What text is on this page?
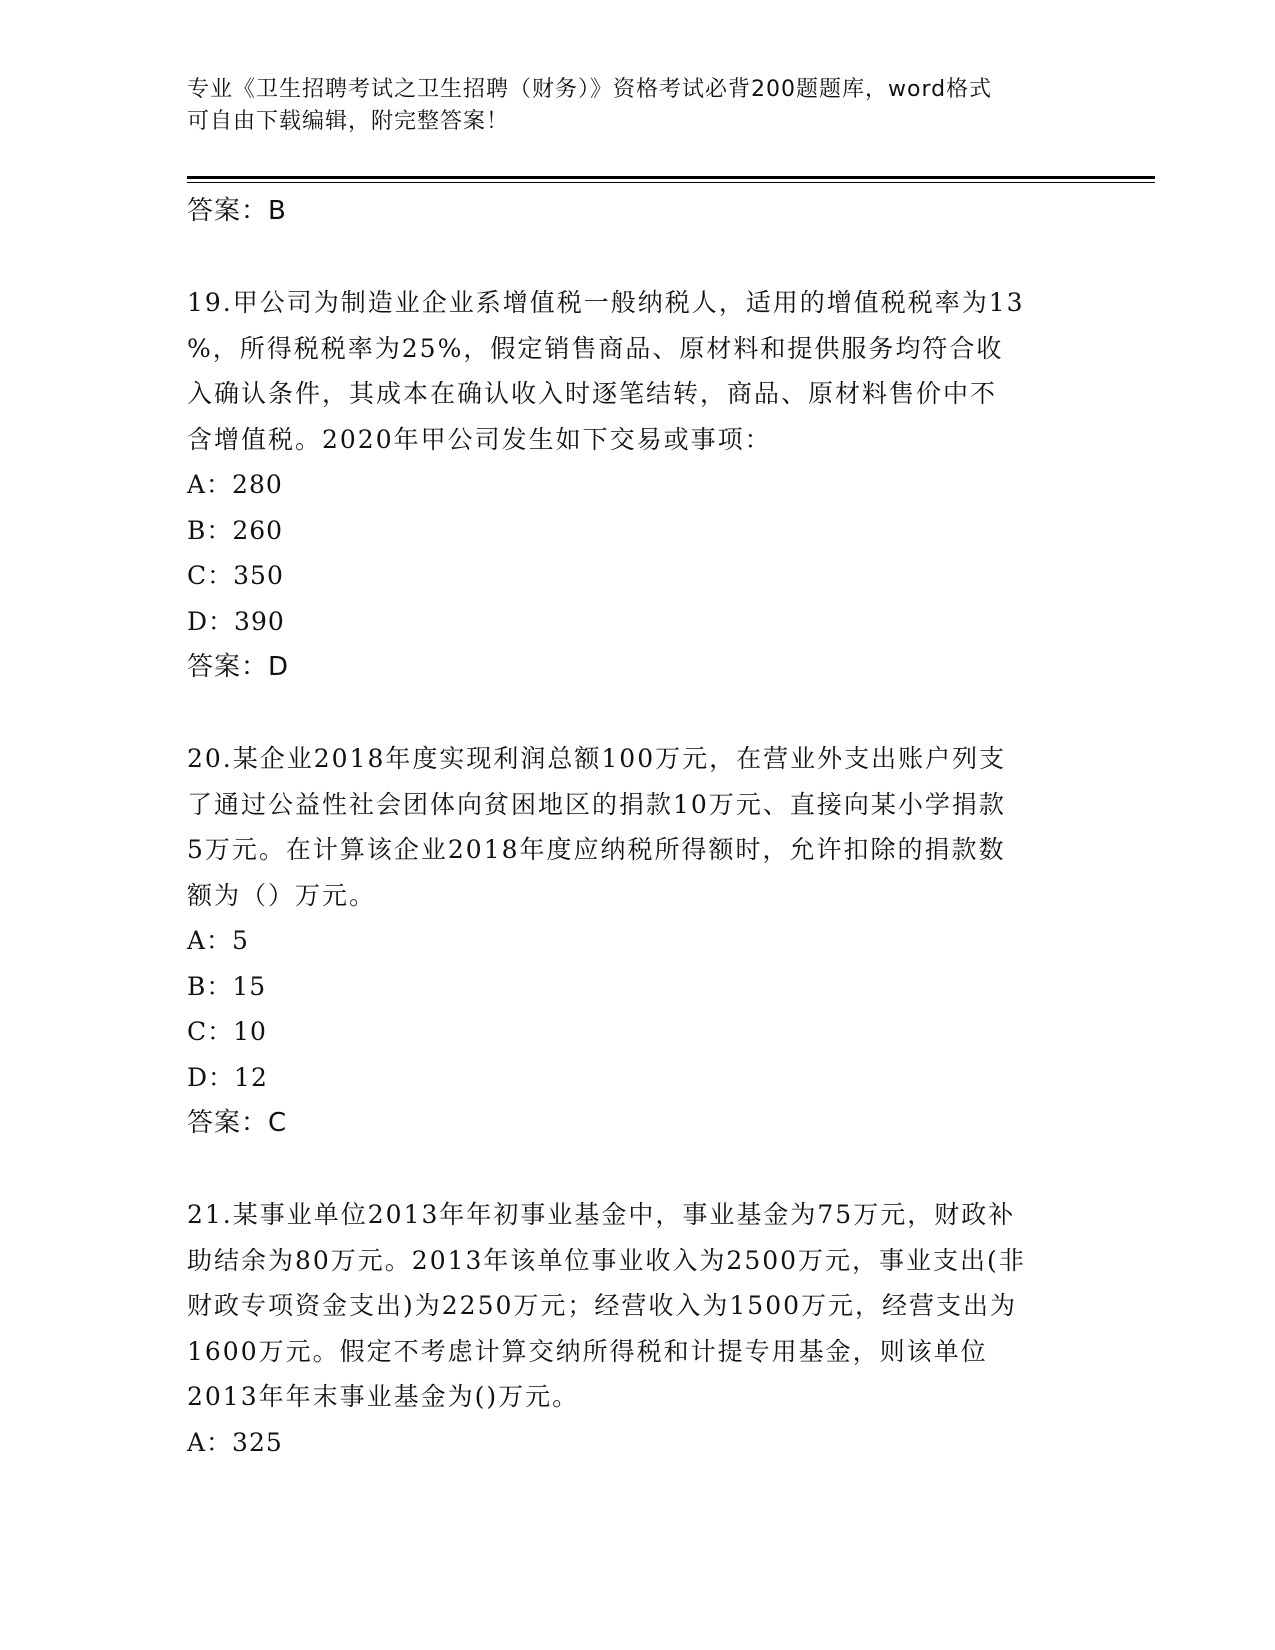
专业《卫生招聘考试之卫生招聘（财务）》资格考试必背200题题库，word格式
可自由下载编辑，附完整答案！
答案：B
19.甲公司为制造业企业系增值税一般纳税人，适用的增值税税率为13
%，所得税税率为25%，假定销售商品、原材料和提供服务均符合收
入确认条件，其成本在确认收入时逐笔结转，商品、原材料售价中不
含增值税。2020年甲公司发生如下交易或事项：
A：280
B：260
C：350
D：390
答案：D
20.某企业2018年度实现利润总额100万元，在营业外支出账户列支
了通过公益性社会团体向贫困地区的捐款10万元、直接向某小学捐款
5万元。在计算该企业2018年度应纳税所得额时，允许扣除的捐款数
额为（）万元。
A：5
B：15
C：10
D：12
答案：C
21.某事业单位2013年年初事业基金中，事业基金为75万元，财政补
助结余为80万元。2013年该单位事业收入为2500万元，事业支出(非
财政专项资金支出)为2250万元；经营收入为1500万元，经营支出为
1600万元。假定不考虑计算交纳所得税和计提专用基金，则该单位
2013年年末事业基金为()万元。
A：325
